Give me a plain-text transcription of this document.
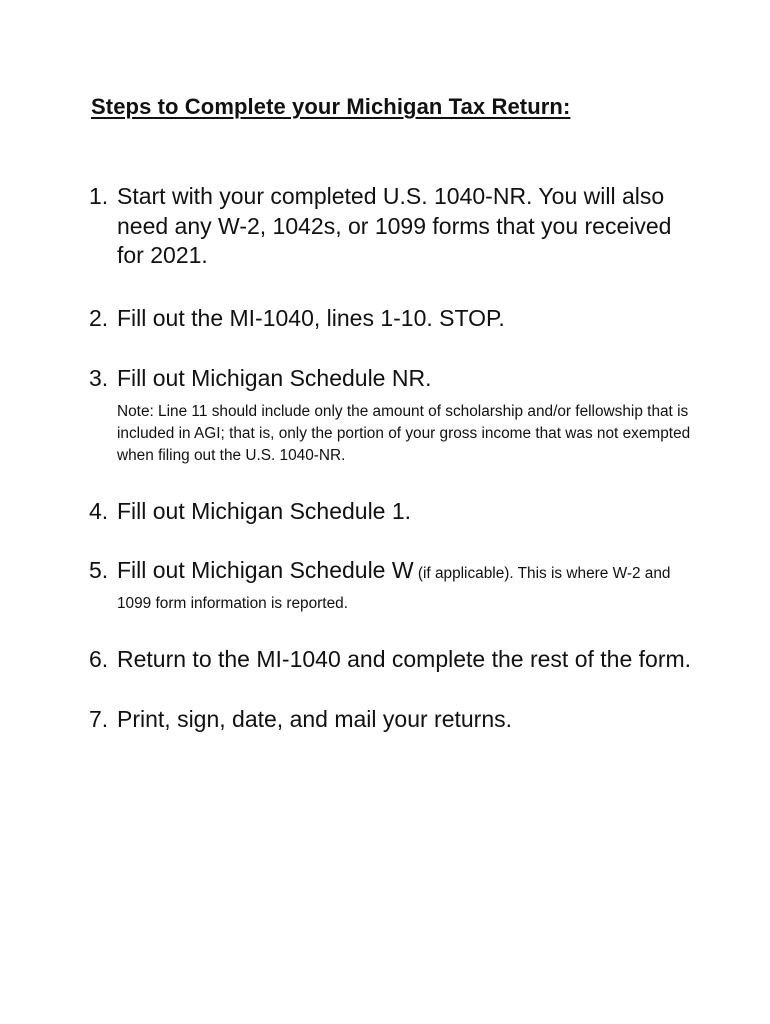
Steps to Complete your Michigan Tax Return:
1. Start with your completed U.S. 1040-NR. You will also need any W-2, 1042s, or 1099 forms that you received for 2021.
2. Fill out the MI-1040, lines 1-10. STOP.
3. Fill out Michigan Schedule NR.
Note: Line 11 should include only the amount of scholarship and/or fellowship that is included in AGI; that is, only the portion of your gross income that was not exempted when filing out the U.S. 1040-NR.
4. Fill out Michigan Schedule 1.
5. Fill out Michigan Schedule W (if applicable). This is where W-2 and 1099 form information is reported.
6. Return to the MI-1040 and complete the rest of the form.
7. Print, sign, date, and mail your returns.
